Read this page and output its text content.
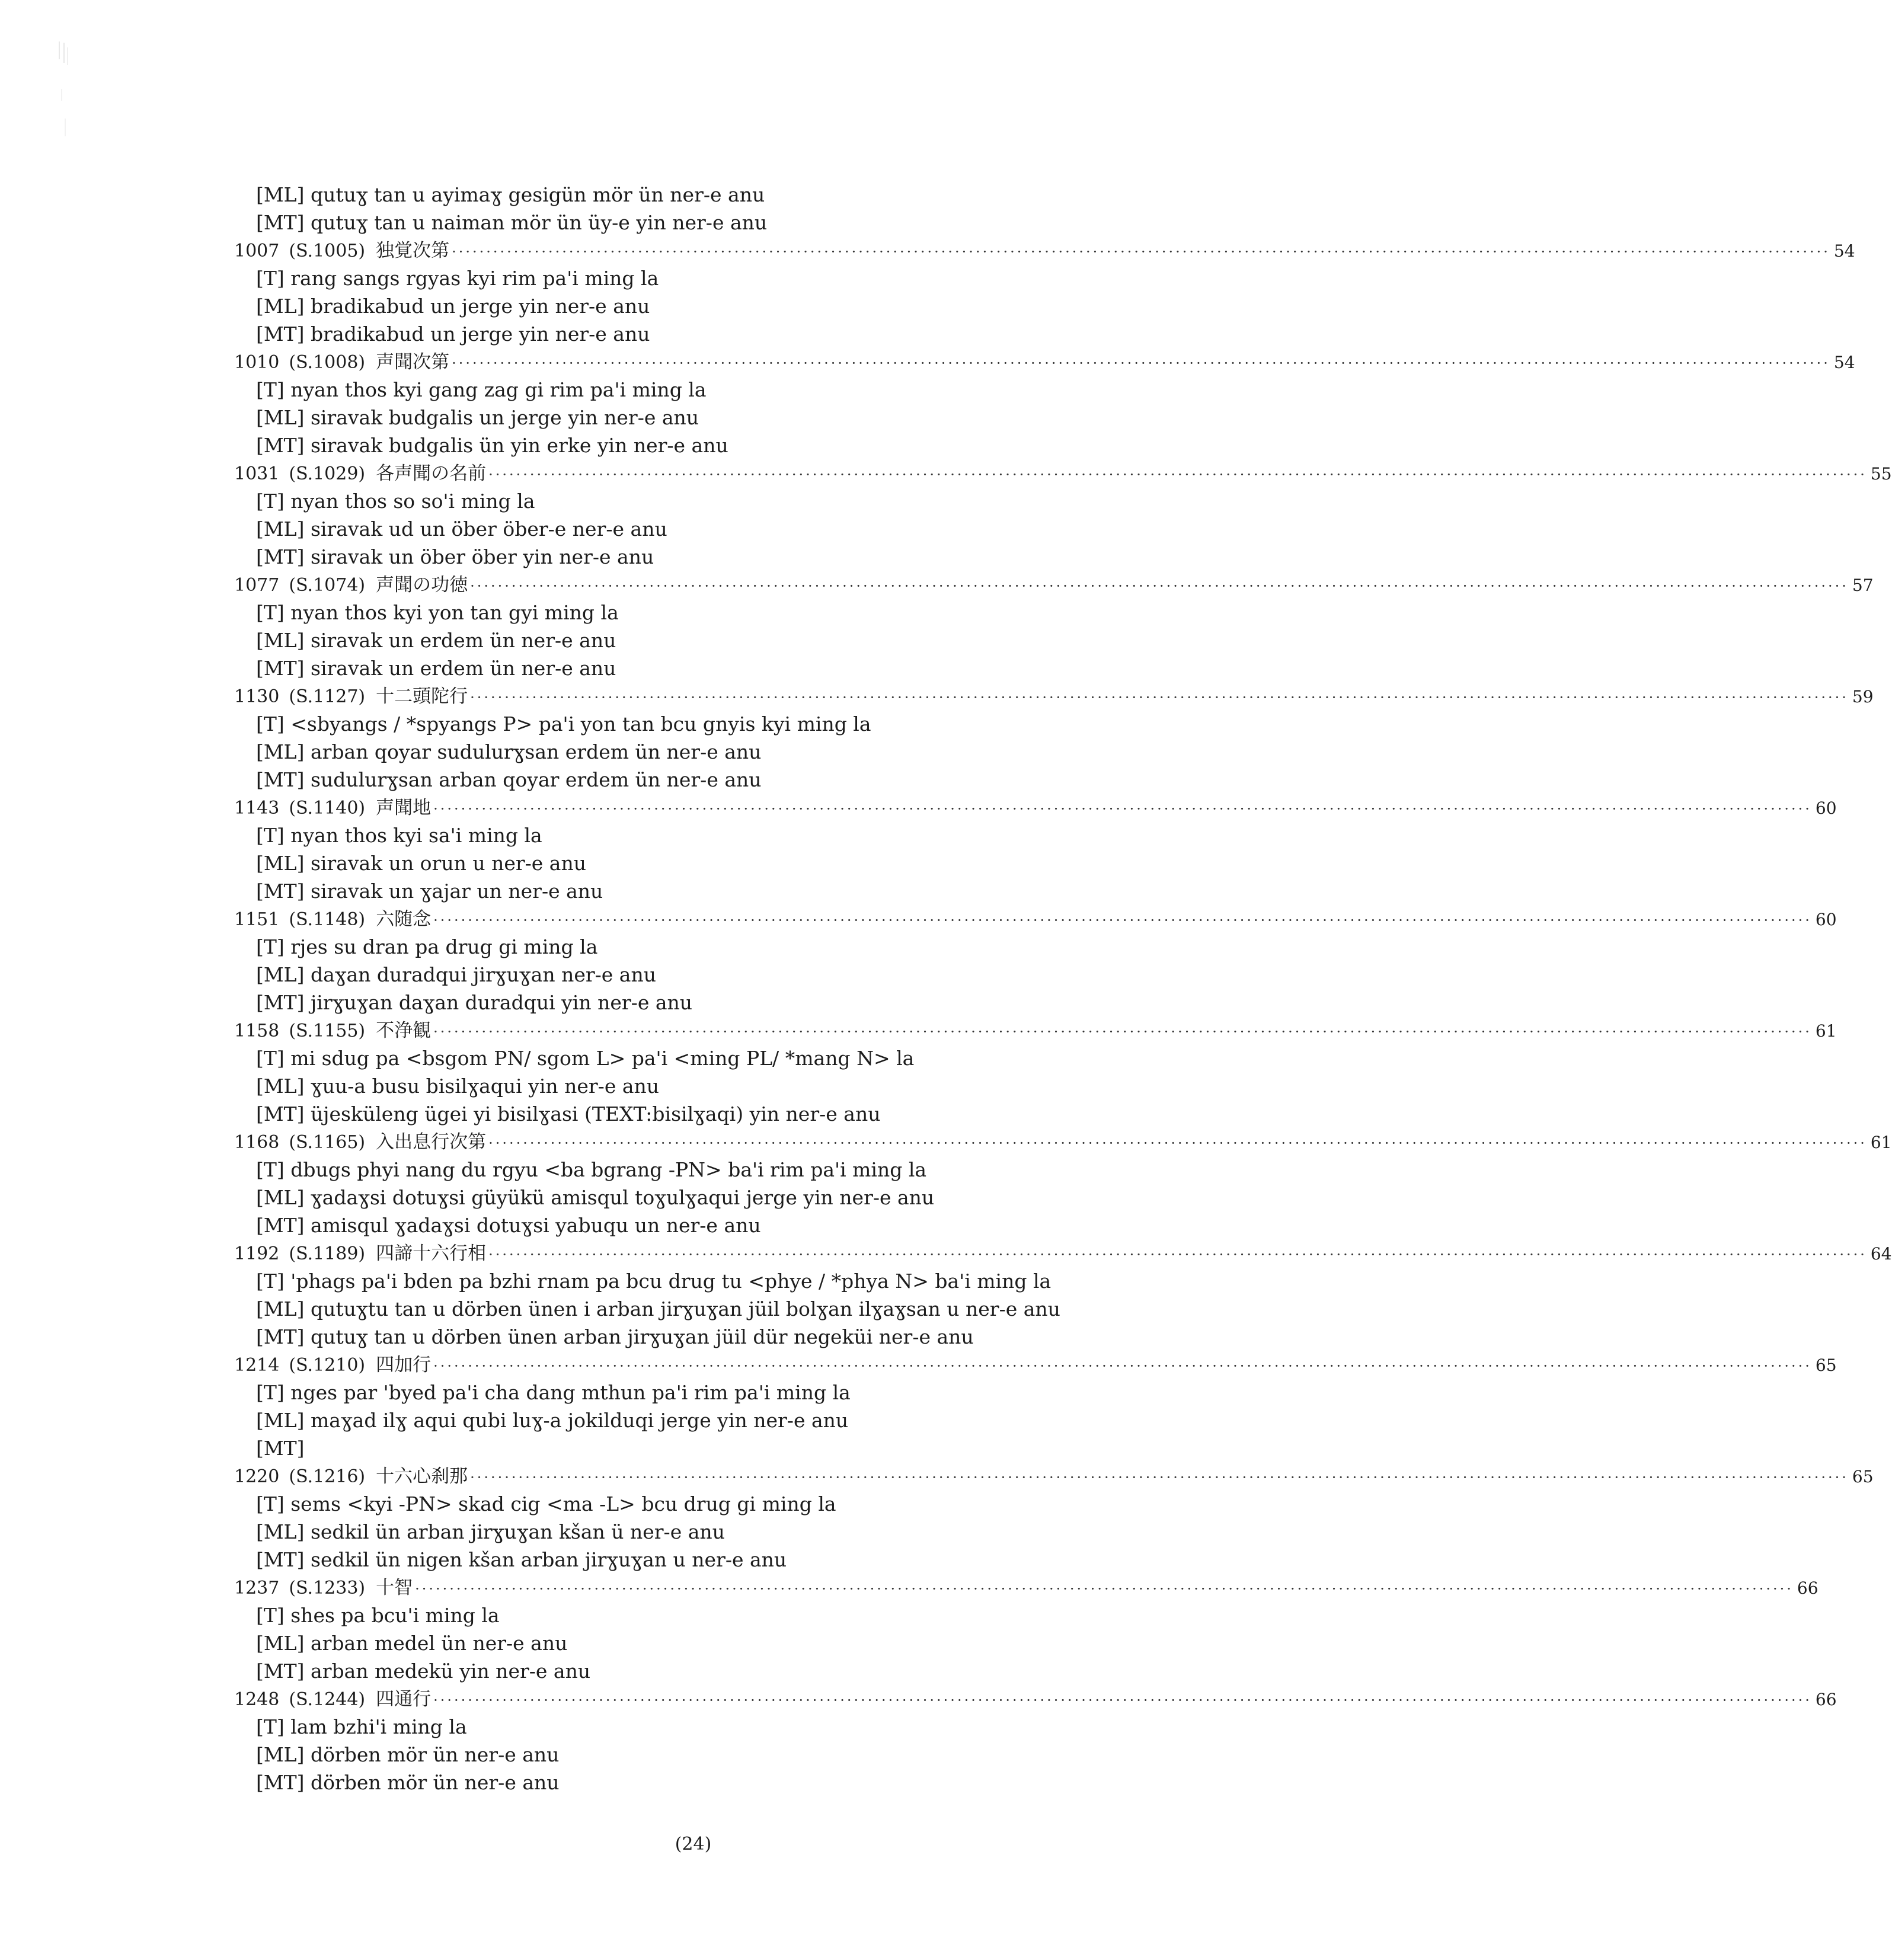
[ML] qutuɣ tan u ayimaɣ gesigün mör ün ner-e anu
[MT] qutuɣ tan u naiman mör ün üy-e yin ner-e anu
1007 (S.1005) 独覚次第 ········································································································································································································ 54
[T] rang sangs rgyas kyi rim pa'i ming la
[ML] bradikabud un jerge yin ner-e anu
[MT] bradikabud un jerge yin ner-e anu
1010 (S.1008) 声聞次第 ········································································································································································································ 54
[T] nyan thos kyi gang zag gi rim pa'i ming la
[ML] siravak budgalis un jerge yin ner-e anu
[MT] siravak budgalis ün yin erke yin ner-e anu
1031 (S.1029) 各声聞の名前 ········································································································································································································ 55
[T] nyan thos so so'i ming la
[ML] siravak ud un öber öber-e ner-e anu
[MT] siravak un öber öber yin ner-e anu
1077 (S.1074) 声聞の功徳 ········································································································································································································ 57
[T] nyan thos kyi yon tan gyi ming la
[ML] siravak un erdem ün ner-e anu
[MT] siravak un erdem ün ner-e anu
1130 (S.1127) 十二頭陀行 ········································································································································································································ 59
[T] <sbyangs / *spyangs P> pa'i yon tan bcu gnyis kyi ming la
[ML] arban qoyar sudulurɣsan erdem ün ner-e anu
[MT] sudulurɣsan arban qoyar erdem ün ner-e anu
1143 (S.1140) 声聞地 ········································································································································································································ 60
[T] nyan thos kyi sa'i ming la
[ML] siravak un orun u ner-e anu
[MT] siravak un ɣajar un ner-e anu
1151 (S.1148) 六随念 ········································································································································································································ 60
[T] rjes su dran pa drug gi ming la
[ML] daɣan duradqui jirɣuɣan ner-e anu
[MT] jirɣuɣan daɣan duradqui yin ner-e anu
1158 (S.1155) 不浄観 ········································································································································································································ 61
[T] mi sdug pa <bsgom PN/ sgom L> pa'i <ming PL/ *mang N> la
[ML] ɣuu-a busu bisilɣaqui yin ner-e anu
[MT] üjesküleng ügei yi bisilɣasi (TEXT:bisilɣaqi) yin ner-e anu
1168 (S.1165) 入出息行次第 ········································································································································································································ 61
[T] dbugs phyi nang du rgyu <ba bgrang -PN> ba'i rim pa'i ming la
[ML] ɣadaɣsi dotuɣsi güyükü amisqul toɣulɣaqui jerge yin ner-e anu
[MT] amisqul ɣadaɣsi dotuɣsi yabuqu un ner-e anu
1192 (S.1189) 四諦十六行相 ········································································································································································································ 64
[T] 'phags pa'i bden pa bzhi rnam pa bcu drug tu <phye / *phya N> ba'i ming la
[ML] qutuɣtu tan u dörben ünen i arban jirɣuɣan jüil bolɣan ilɣaɣsan u ner-e anu
[MT] qutuɣ tan u dörben ünen arban jirɣuɣan jüil dür negeküi ner-e anu
1214 (S.1210) 四加行 ········································································································································································································ 65
[T] nges par 'byed pa'i cha dang mthun pa'i rim pa'i ming la
[ML] maɣad ilɣ aqui qubi luɣ-a jokilduqi jerge yin ner-e anu
[MT]
1220 (S.1216) 十六心刹那 ········································································································································································································ 65
[T] sems <kyi -PN> skad cig <ma -L> bcu drug gi ming la
[ML] sedkil ün arban jirɣuɣan kšan ü ner-e anu
[MT] sedkil ün nigen kšan arban jirɣuɣan u ner-e anu
1237 (S.1233) 十智 ········································································································································································································ 66
[T] shes pa bcu'i ming la
[ML] arban medel ün ner-e anu
[MT] arban medekü yin ner-e anu
1248 (S.1244) 四通行 ········································································································································································································ 66
[T] lam bzhi'i ming la
[ML] dörben mör ün ner-e anu
[MT] dörben mör ün ner-e anu
(24)
